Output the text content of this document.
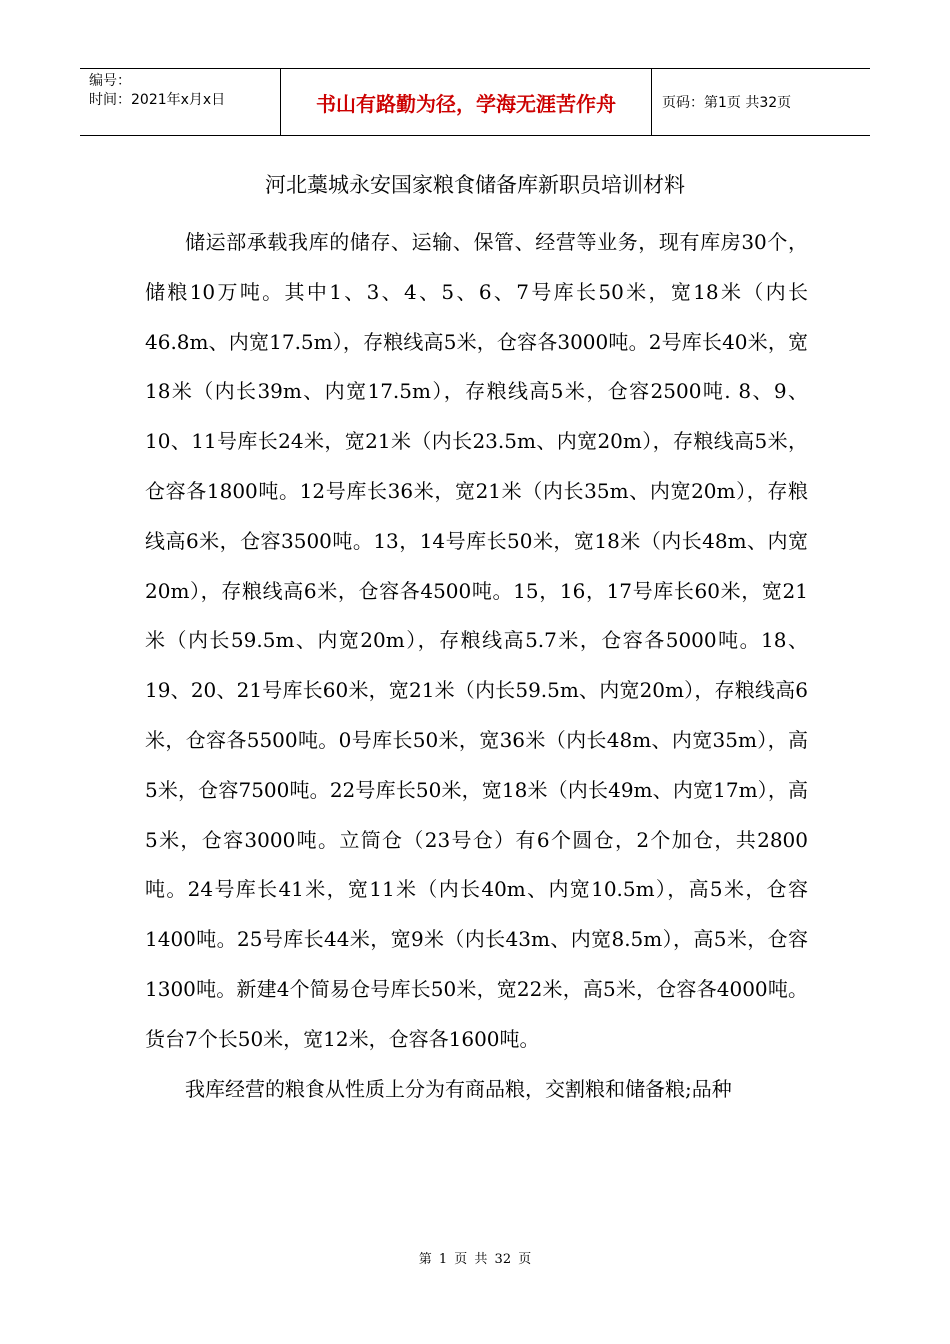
编号：
时间：2021年x月x日	书山有路勤为径，学海无涯苦作舟	页码：第1页 共32页
河北藁城永安国家粮食储备库新职员培训材料

储运部承载我库的储存、运输、保管、经营等业务，现有库房30个，储粮10万吨。其中1、3、4、5、6、7号库长50米，宽18米（内长46.8m、内宽17.5m），存粮线高5米，仓容各3000吨。2号库长40米，宽18米（内长39m、内宽17.5m），存粮线高5米，仓容2500吨. 8、9、10、11号库长24米，宽21米（内长23.5m、内宽20m），存粮线高5米，仓容各1800吨。12号库长36米，宽21米（内长35m、内宽20m），存粮线高6米，仓容3500吨。13，14号库长50米，宽18米（内长48m、内宽20m），存粮线高6米，仓容各4500吨。15，16，17号库长60米，宽21米（内长59.5m、内宽20m），存粮线高5.7米，仓容各5000吨。18、19、20、21号库长60米，宽21米（内长59.5m、内宽20m），存粮线高6米，仓容各5500吨。0号库长50米，宽36米（内长48m、内宽35m），高5米，仓容7500吨。22号库长50米，宽18米（内长49m、内宽17m），高5米，仓容3000吨。立筒仓（23号仓）有6个圆仓，2个加仓，共2800吨。24号库长41米，宽11米（内长40m、内宽10.5m），高5米，仓容1400吨。25号库长44米，宽9米（内长43m、内宽8.5m），高5米，仓容1300吨。新建4个简易仓号库长50米，宽22米，高5米，仓容各4000吨。货台7个长50米，宽12米，仓容各1600吨。

我库经营的粮食从性质上分为有商品粮，交割粮和储备粮;品种

第 1 页 共 32 页
